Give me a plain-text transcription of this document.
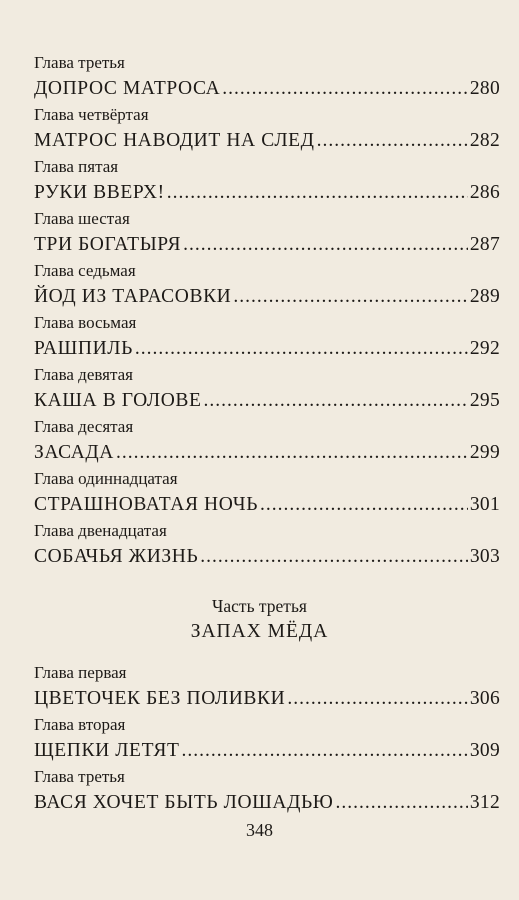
Глава третья
ДОПРОС МАТРОСА .....	280
Глава четвёртая
МАТРОС НАВОДИТ НА СЛЕД .....	282
Глава пятая
РУКИ ВВЕРХ! .....	286
Глава шестая
ТРИ БОГАТЫРЯ .....	287
Глава седьмая
ЙОД ИЗ ТАРАСОВКИ .....	289
Глава восьмая
РАШПИЛЬ .....	292
Глава девятая
КАША В ГОЛОВЕ .....	295
Глава десятая
ЗАСАДА .....	299
Глава одиннадцатая
СТРАШНОВАТАЯ НОЧЬ .....	301
Глава двенадцатая
СОБАЧЬЯ ЖИЗНЬ .....	303
Часть третья
ЗАПАХ МЁДА
Глава первая
ЦВЕТОЧЕК БЕЗ ПОЛИВКИ .....	306
Глава вторая
ЩЕПКИ ЛЕТЯТ .....	309
Глава третья
ВАСЯ ХОЧЕТ БЫТЬ ЛОШАДЬЮ .....	312
348
